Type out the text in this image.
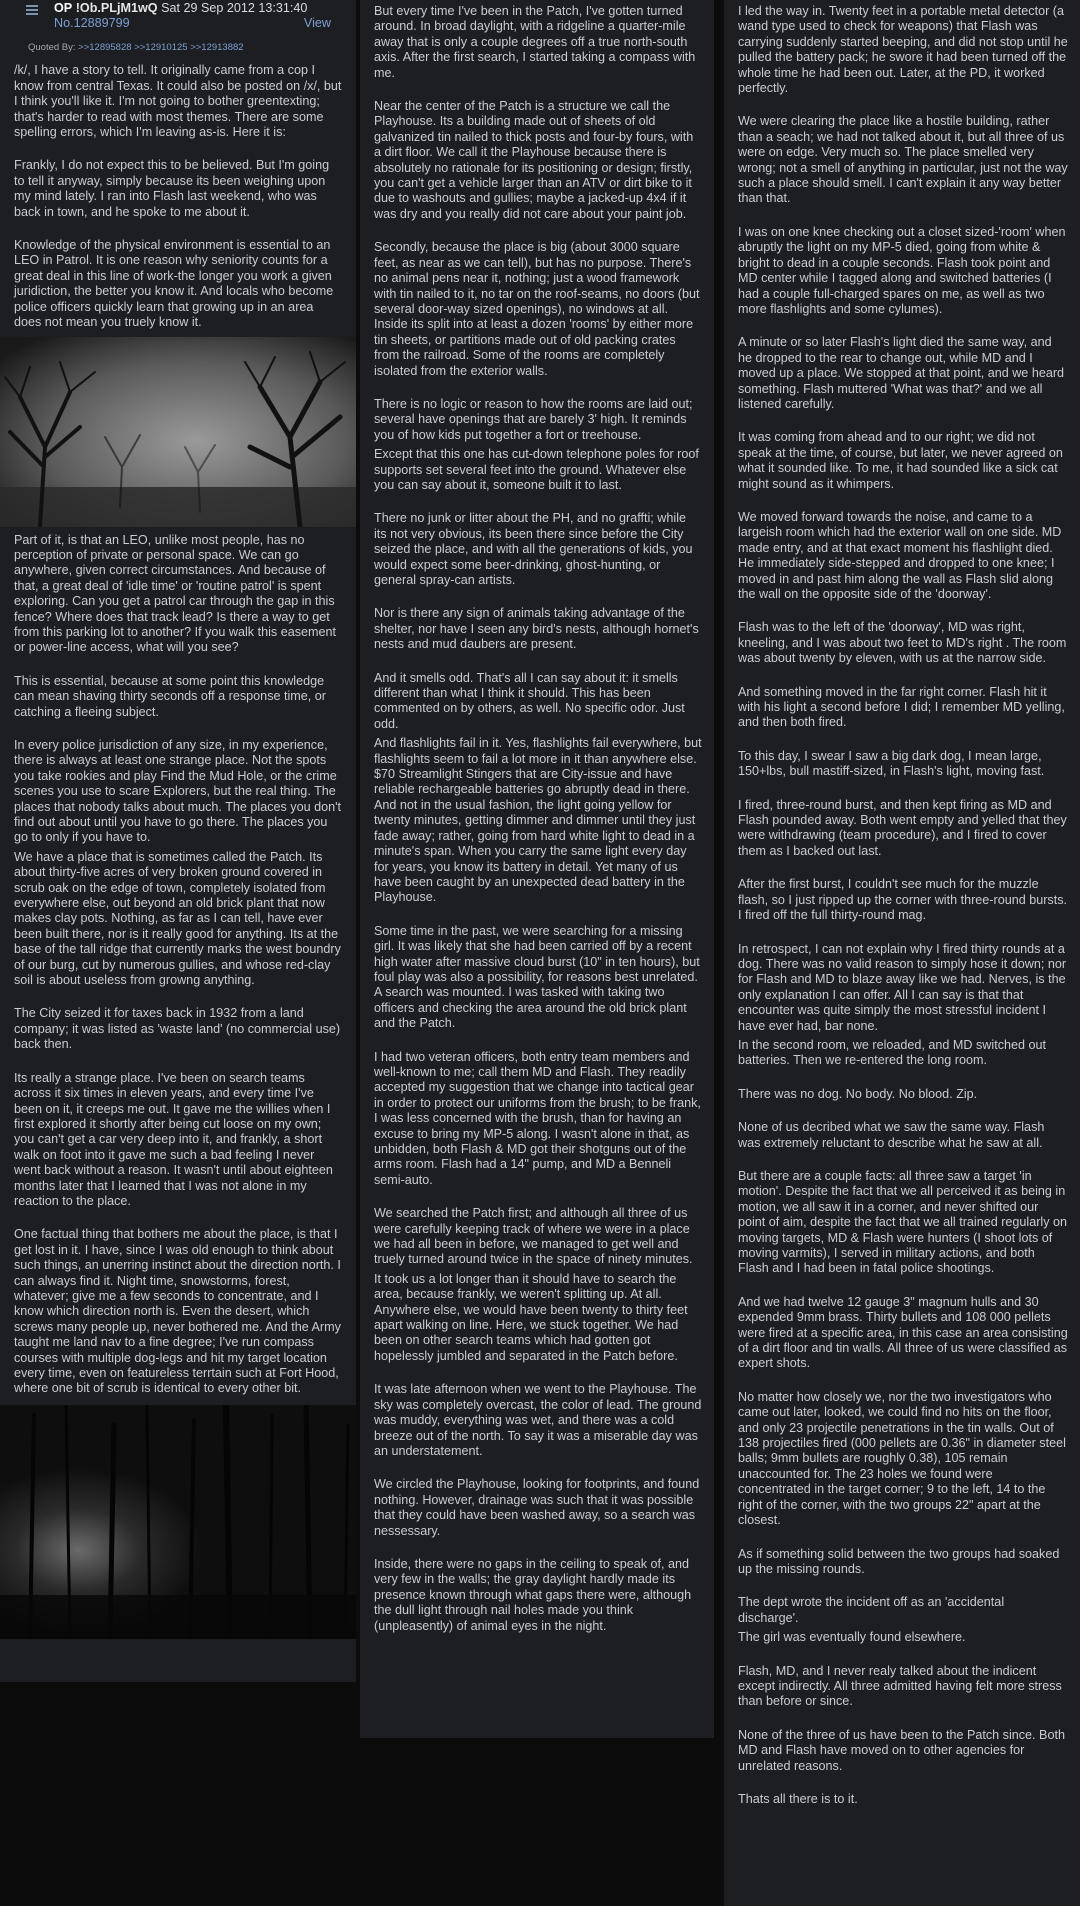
OP !Ob.PLjM1wQ Sat 29 Sep 2012 13:31:40
No.12889799	View
Quoted By: >>12895828 >>12910125 >>12913882

/k/, I have a story to tell. It originally came from a cop I know from central Texas. It could also be posted on /x/, but I think you'll like it. I'm not going to bother greentexting; that's harder to read with most themes. There are some spelling errors, which I'm leaving as-is. Here it is:

Frankly, I do not expect this to be believed. But I'm going to tell it anyway, simply because its been weighing upon my mind lately. I ran into Flash last weekend, who was back in town, and he spoke to me about it.

Knowledge of the physical environment is essential to an LEO in Patrol. It is one reason why seniority counts for a great deal in this line of work-the longer you work a given juridiction, the better you know it. And locals who become police officers quickly learn that growing up in an area does not mean you truely know it.

Part of it, is that an LEO, unlike most people, has no perception of private or personal space. We can go anywhere, given correct circumstances. And because of that, a great deal of 'idle time' or 'routine patrol' is spent exploring. Can you get a patrol car through the gap in this fence? Where does that track lead? Is there a way to get from this parking lot to another? If you walk this easement or power-line access, what will you see?

This is essential, because at some point this knowledge can mean shaving thirty seconds off a response time, or catching a fleeing subject.

In every police jurisdiction of any size, in my experience, there is always at least one strange place. Not the spots you take rookies and play Find the Mud Hole, or the crime scenes you use to scare Explorers, but the real thing. The places that nobody talks about much. The places you don't find out about until you have to go there. The places you go to only if you have to.

We have a place that is sometimes called the Patch. Its about thirty-five acres of very broken ground covered in scrub oak on the edge of town, completely isolated from everywhere else, out beyond an old brick plant that now makes clay pots. Nothing, as far as I can tell, have ever been built there, nor is it really good for anything. Its at the base of the tall ridge that currently marks the west boundry of our burg, cut by numerous gullies, and whose red-clay soil is about useless from growng anything.

The City seized it for taxes back in 1932 from a land company; it was listed as 'waste land' (no commercial use) back then.

Its really a strange place. I've been on search teams across it six times in eleven years, and every time I've been on it, it creeps me out. It gave me the willies when I first explored it shortly after being cut loose on my own; you can't get a car very deep into it, and frankly, a short walk on foot into it gave me such a bad feeling I never went back without a reason. It wasn't until about eighteen months later that I learned that I was not alone in my reaction to the place.

One factual thing that bothers me about the place, is that I get lost in it. I have, since I was old enough to think about such things, an unerring instinct about the direction north. I can always find it. Night time, snowstorms, forest, whatever; give me a few seconds to concentrate, and I know which direction north is. Even the desert, which screws many people up, never bothered me. And the Army taught me land nav to a fine degree; I've run compass courses with multiple dog-legs and hit my target location every time, even on featureless terrtain such at Fort Hood, where one bit of scrub is identical to every other bit.

But every time I've been in the Patch, I've gotten turned around. In broad daylight, with a ridgeline a quarter-mile away that is only a couple degrees off a true north-south axis. After the first search, I started taking a compass with me.

Near the center of the Patch is a structure we call the Playhouse. Its a building made out of sheets of old galvanized tin nailed to thick posts and four-by fours, with a dirt floor. We call it the Playhouse because there is absolutely no rationale for its positioning or design; firstly, you can't get a vehicle larger than an ATV or dirt bike to it due to washouts and gullies; maybe a jacked-up 4x4 if it was dry and you really did not care about your paint job.

Secondly, because the place is big (about 3000 square feet, as near as we can tell), but has no purpose. There's no animal pens near it, nothing; just a wood framework with tin nailed to it, no tar on the roof-seams, no doors (but several door-way sized openings), no windows at all. Inside its split into at least a dozen 'rooms' by either more tin sheets, or partitions made out of old packing crates from the railroad. Some of the rooms are completely isolated from the exterior walls.

There is no logic or reason to how the rooms are laid out; several have openings that are barely 3' high. It reminds you of how kids put together a fort or treehouse.

Except that this one has cut-down telephone poles for roof supports set several feet into the ground. Whatever else you can say about it, someone built it to last.

There no junk or litter about the PH, and no graffti; while its not very obvious, its been there since before the City seized the place, and with all the generations of kids, you would expect some beer-drinking, ghost-hunting, or general spray-can artists.

Nor is there any sign of animals taking advantage of the shelter, nor have I seen any bird's nests, although hornet's nests and mud daubers are present.

And it smells odd. That's all I can say about it: it smells different than what I think it should. This has been commented on by others, as well. No specific odor. Just odd.

And flashlights fail in it. Yes, flashlights fail everywhere, but flashlights seem to fail a lot more in it than anywhere else. $70 Streamlight Stingers that are City-issue and have reliable rechargeable batteries go abruptly dead in there. And not in the usual fashion, the light going yellow for twenty minutes, getting dimmer and dimmer until they just fade away; rather, going from hard white light to dead in a minute's span. When you carry the same light every day for years, you know its battery in detail. Yet many of us have been caught by an unexpected dead battery in the Playhouse.

Some time in the past, we were searching for a missing girl. It was likely that she had been carried off by a recent high water after massive cloud burst (10" in ten hours), but foul play was also a possibility, for reasons best unrelated. A search was mounted. I was tasked with taking two officers and checking the area around the old brick plant and the Patch.

I had two veteran officers, both entry team members and well-known to me; call them MD and Flash. They readily accepted my suggestion that we change into tactical gear in order to protect our uniforms from the brush; to be frank, I was less concerned with the brush, than for having an excuse to bring my MP-5 along. I wasn't alone in that, as unbidden, both Flash & MD got their shotguns out of the arms room. Flash had a 14" pump, and MD a Benneli semi-auto.

We searched the Patch first; and although all three of us were carefully keeping track of where we were in a place we had all been in before, we managed to get well and truely turned around twice in the space of ninety minutes.

It took us a lot longer than it should have to search the area, because frankly, we weren't splitting up. At all. Anywhere else, we would have been twenty to thirty feet apart walking on line. Here, we stuck together. We had been on other search teams which had gotten got hopelessly jumbled and separated in the Patch before.

It was late afternoon when we went to the Playhouse. The sky was completely overcast, the color of lead. The ground was muddy, everything was wet, and there was a cold breeze out of the north. To say it was a miserable day was an understatement.

We circled the Playhouse, looking for footprints, and found nothing. However, drainage was such that it was possible that they could have been washed away, so a search was nessessary.

Inside, there were no gaps in the ceiling to speak of, and very few in the walls; the gray daylight hardly made its presence known through what gaps there were, although the dull light through nail holes made you think (unpleasently) of animal eyes in the night.

I led the way in. Twenty feet in a portable metal detector (a wand type used to check for weapons) that Flash was carrying suddenly started beeping, and did not stop until he pulled the battery pack; he swore it had been turned off the whole time he had been out. Later, at the PD, it worked perfectly.

We were clearing the place like a hostile building, rather than a seach; we had not talked about it, but all three of us were on edge. Very much so. The place smelled very wrong; not a smell of anything in particular, just not the way such a place should smell. I can't explain it any way better than that.

I was on one knee checking out a closet sized-'room' when abruptly the light on my MP-5 died, going from white & bright to dead in a couple seconds. Flash took point and MD center while I tagged along and switched batteries (I had a couple full-charged spares on me, as well as two more flashlights and some cylumes).

A minute or so later Flash's light died the same way, and he dropped to the rear to change out, while MD and I moved up a place. We stopped at that point, and we heard something. Flash muttered 'What was that?' and we all listened carefully.

It was coming from ahead and to our right; we did not speak at the time, of course, but later, we never agreed on what it sounded like. To me, it had sounded like a sick cat might sound as it whimpers.

We moved forward towards the noise, and came to a largeish room which had the exterior wall on one side. MD made entry, and at that exact moment his flashlight died. He immediately side-stepped and dropped to one knee; I moved in and past him along the wall as Flash slid along the wall on the opposite side of the 'doorway'.

Flash was to the left of the 'doorway', MD was right, kneeling, and I was about two feet to MD's right . The room was about twenty by eleven, with us at the narrow side.

And something moved in the far right corner. Flash hit it with his light a second before I did; I remember MD yelling, and then both fired.

To this day, I swear I saw a big dark dog, I mean large, 150+lbs, bull mastiff-sized, in Flash's light, moving fast.

I fired, three-round burst, and then kept firing as MD and Flash pounded away. Both went empty and yelled that they were withdrawing (team procedure), and I fired to cover them as I backed out last.

After the first burst, I couldn't see much for the muzzle flash, so I just ripped up the corner with three-round bursts. I fired off the full thirty-round mag.

In retrospect, I can not explain why I fired thirty rounds at a dog. There was no valid reason to simply hose it down; nor for Flash and MD to blaze away like we had. Nerves, is the only explanation I can offer. All I can say is that that encounter was quite simply the most stressful incident I have ever had, bar none.

In the second room, we reloaded, and MD switched out batteries. Then we re-entered the long room.

There was no dog. No body. No blood. Zip.

None of us decribed what we saw the same way. Flash was extremely reluctant to describe what he saw at all.

But there are a couple facts: all three saw a target 'in motion'. Despite the fact that we all perceived it as being in motion, we all saw it in a corner, and never shifted our point of aim, despite the fact that we all trained regularly on moving targets, MD & Flash were hunters (I shoot lots of moving varmits), I served in military actions, and both Flash and I had been in fatal police shootings.

And we had twelve 12 gauge 3" magnum hulls and 30 expended 9mm brass. Thirty bullets and 108 000 pellets were fired at a specific area, in this case an area consisting of a dirt floor and tin walls. All three of us were classified as expert shots.

No matter how closely we, nor the two investigators who came out later, looked, we could find no hits on the floor, and only 23 projectile penetrations in the tin walls. Out of 138 projectiles fired (000 pellets are 0.36" in diameter steel balls; 9mm bullets are roughly 0.38), 105 remain unaccounted for. The 23 holes we found were concentrated in the target corner; 9 to the left, 14 to the right of the corner, with the two groups 22" apart at the closest.

As if something solid between the two groups had soaked up the missing rounds.

The dept wrote the incident off as an 'accidental discharge'.

The girl was eventually found elsewhere.

Flash, MD, and I never realy talked about the indicent except indirectly. All three admitted having felt more stress than before or since.

None of the three of us have been to the Patch since. Both MD and Flash have moved on to other agencies for unrelated reasons.

Thats all there is to it.
